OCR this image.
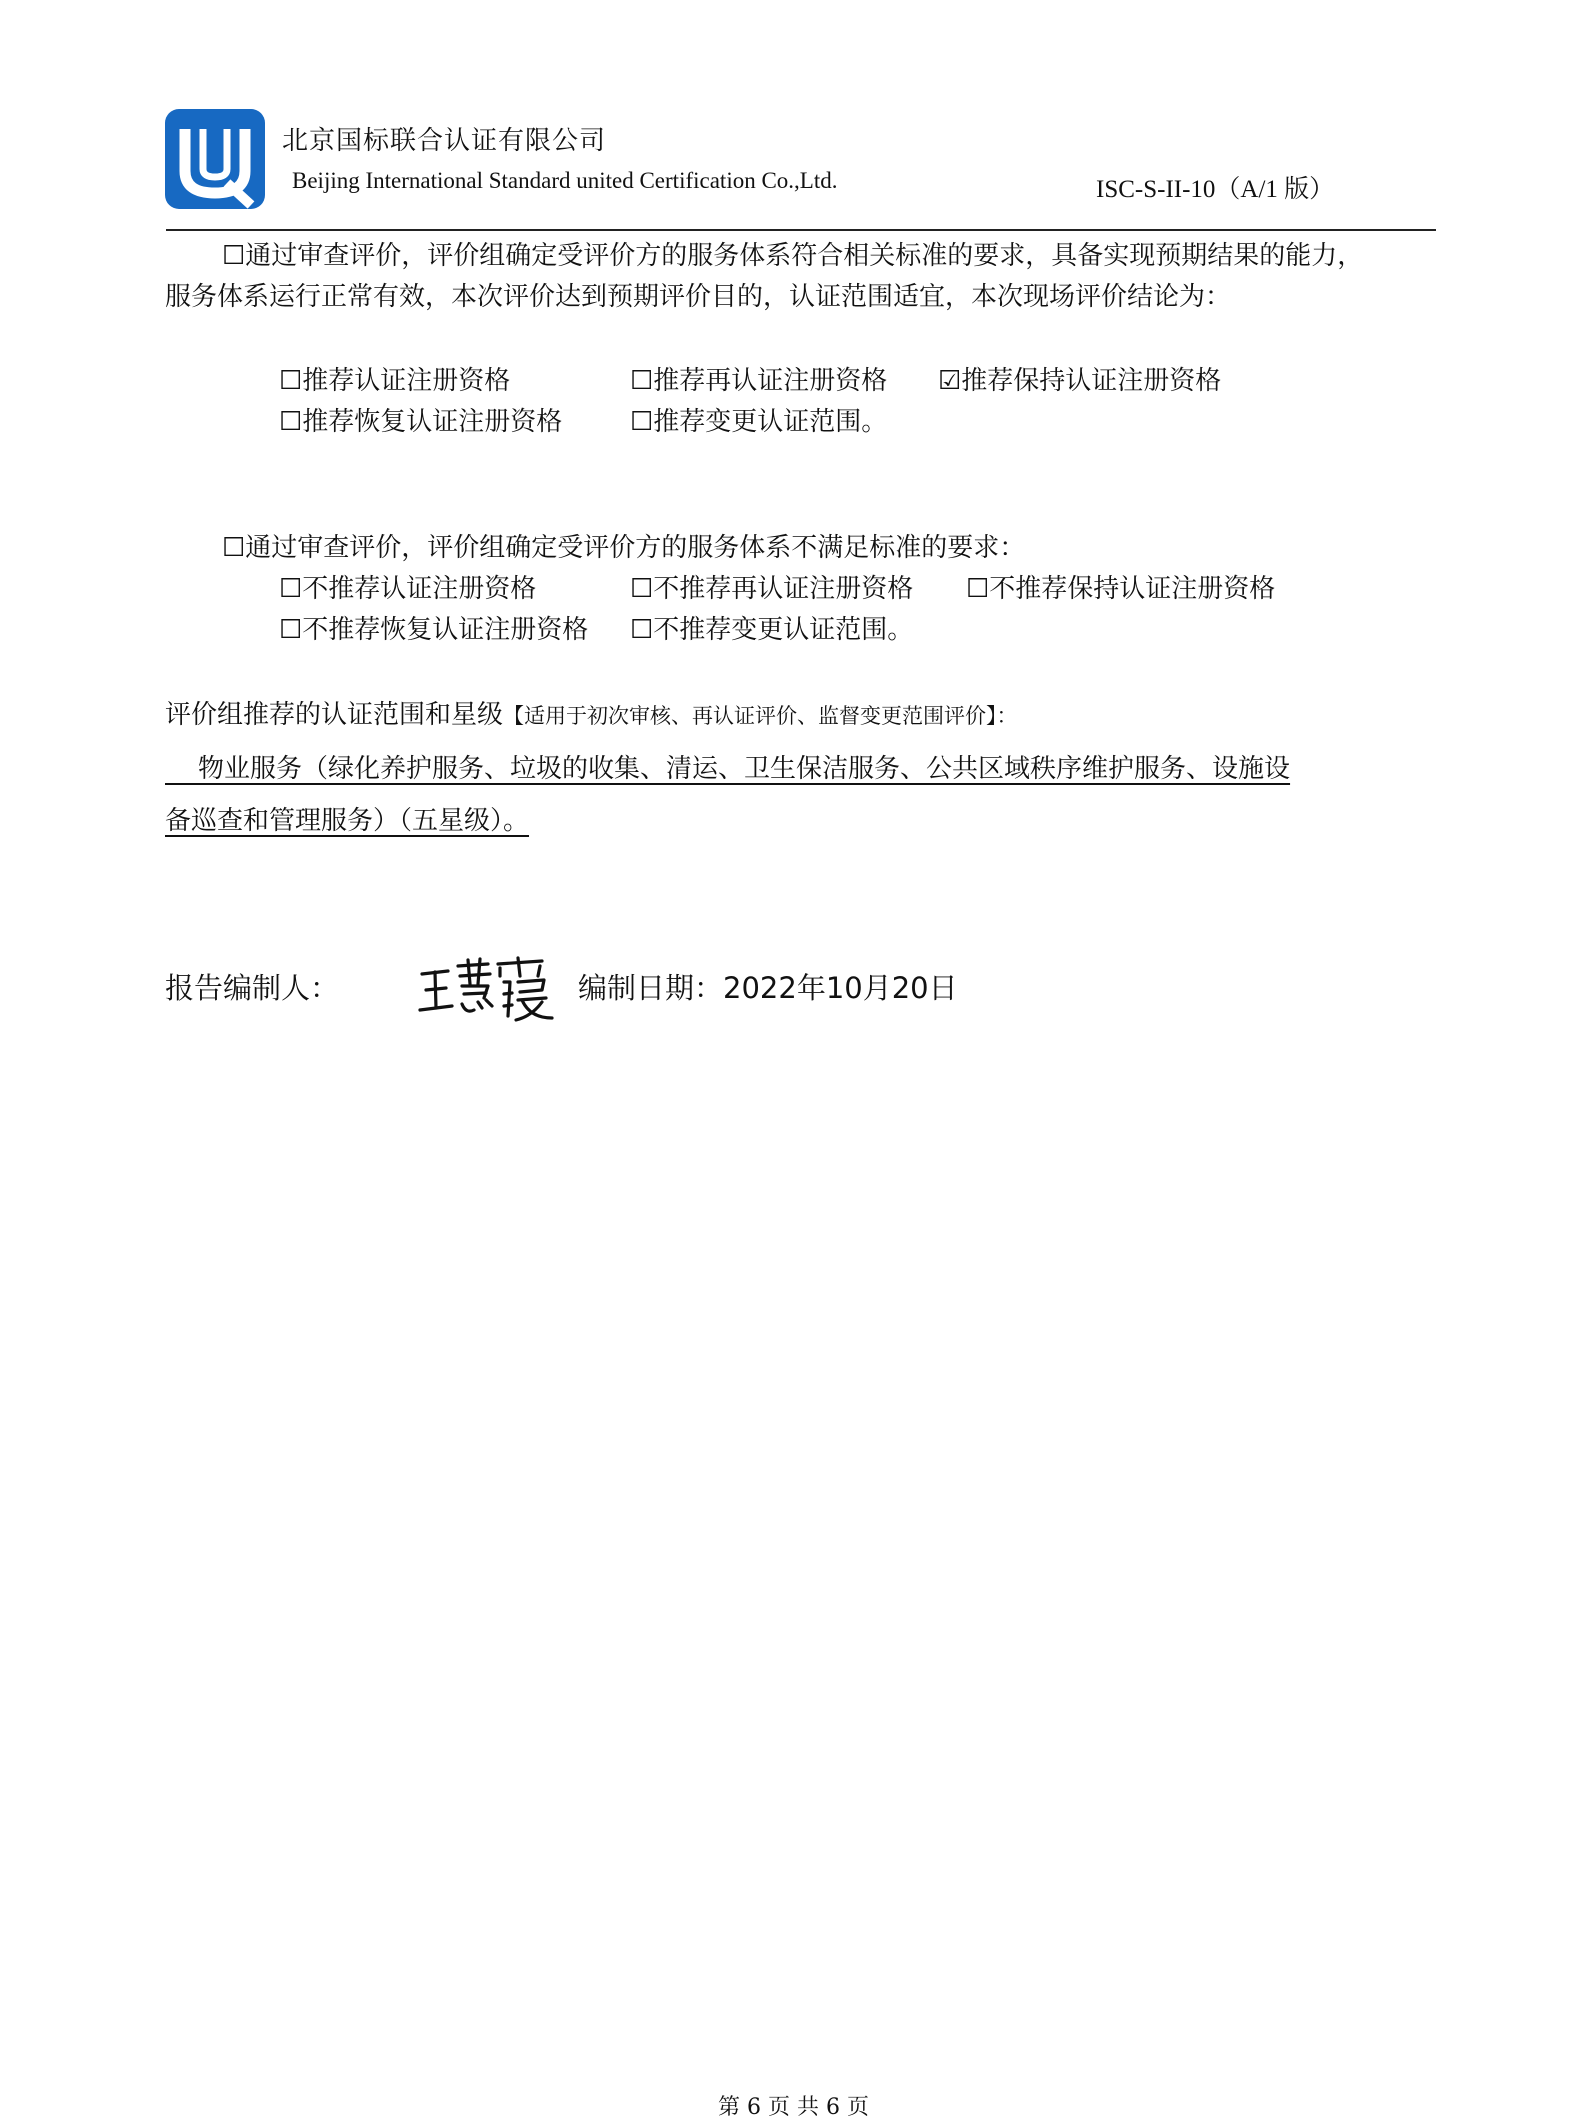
北京国标联合认证有限公司
Beijing International Standard united Certification Co.,Ltd.	ISC-S-II-10（A/1 版）
☐通过审查评价，评价组确定受评价方的服务体系符合相关标准的要求，具备实现预期结果的能力，
服务体系运行正常有效，本次评价达到预期评价目的，认证范围适宜，本次现场评价结论为：
☐推荐认证注册资格	☐推荐再认证注册资格 ☑推荐保持认证注册资格
☐推荐恢复认证注册资格	☐推荐变更认证范围。
☐通过审查评价，评价组确定受评价方的服务体系不满足标准的要求：
☐不推荐认证注册资格	☐不推荐再认证注册资格 ☐不推荐保持认证注册资格
☐不推荐恢复认证注册资格 ☐不推荐变更认证范围。
评价组推荐的认证范围和星级【适用于初次审核、再认证评价、监督变更范围评价】：
物业服务（绿化养护服务、垃圾的收集、清运、卫生保洁服务、公共区域秩序维护服务、设施设
备巡查和管理服务）（五星级）。
报告编制人：	编制日期：2022年10月20日
第 6 页 共 6 页
